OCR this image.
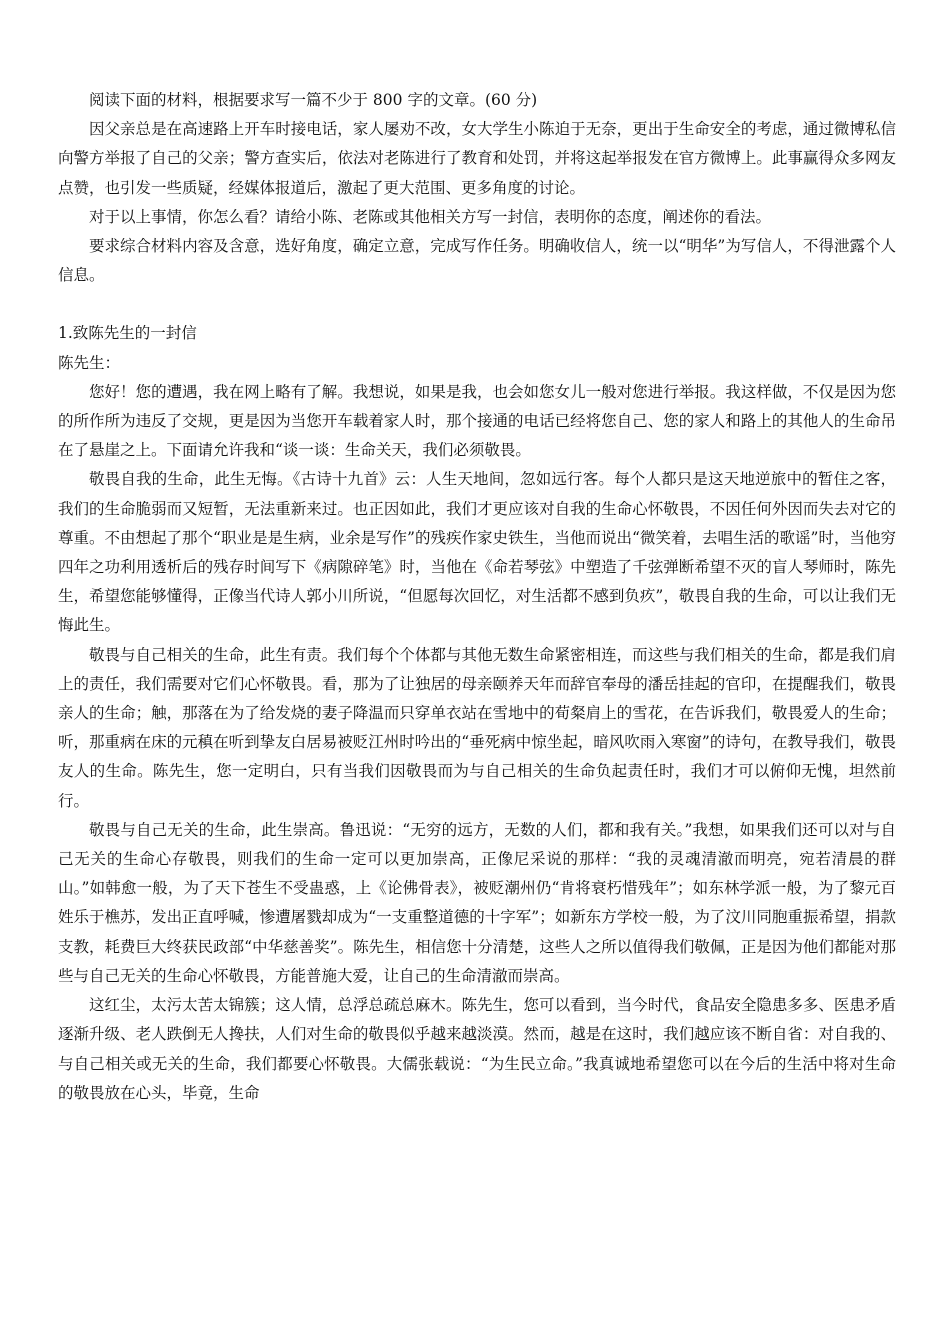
阅读下面的材料，根据要求写一篇不少于 800 字的文章。(60 分)

因父亲总是在高速路上开车时接电话，家人屡劝不改，女大学生小陈迫于无奈，更出于生命安全的考虑，通过微博私信向警方举报了自己的父亲；警方查实后，依法对老陈进行了教育和处罚，并将这起举报发在官方微博上。此事赢得众多网友点赞，也引发一些质疑，经媒体报道后，激起了更大范围、更多角度的讨论。

对于以上事情，你怎么看？请给小陈、老陈或其他相关方写一封信，表明你的态度，阐述你的看法。

要求综合材料内容及含意，选好角度，确定立意，完成写作任务。明确收信人，统一以“明华”为写信人，不得泄露个人信息。

1.致陈先生的一封信

陈先生：

您好！您的遭遇，我在网上略有了解。我想说，如果是我，也会如您女儿一般对您进行举报。我这样做，不仅是因为您的所作所为违反了交规，更是因为当您开车载着家人时，那个接通的电话已经将您自己、您的家人和路上的其他人的生命吊在了悬崖之上。下面请允许我和“谈一谈：生命关天，我们必须敬畏。

敬畏自我的生命，此生无悔。《古诗十九首》云：人生天地间，忽如远行客。每个人都只是这天地逆旅中的暂住之客，我们的生命脆弱而又短暂，无法重新来过。也正因如此，我们才更应该对自我的生命心怀敬畏，不因任何外因而失去对它的尊重。不由想起了那个“职业是是生病，业余是写作”的残疾作家史铁生，当他而说出“微笑着，去唱生活的歌谣”时，当他穷四年之功利用透析后的残存时间写下《病隙碎笔》时，当他在《命若琴弦》中塑造了千弦弹断希望不灭的盲人琴师时，陈先生，希望您能够懂得，正像当代诗人郭小川所说，“但愿每次回忆，对生活都不感到负疚”，敬畏自我的生命，可以让我们无悔此生。

敬畏与自己相关的生命，此生有责。我们每个个体都与其他无数生命紧密相连，而这些与我们相关的生命，都是我们肩上的责任，我们需要对它们心怀敬畏。看，那为了让独居的母亲颐养天年而辞官奉母的潘岳挂起的官印，在提醒我们，敬畏亲人的生命；触，那落在为了给发烧的妻子降温而只穿单衣站在雪地中的荀粲肩上的雪花，在告诉我们，敬畏爱人的生命；听，那重病在床的元稹在听到挚友白居易被贬江州时吟出的“垂死病中惊坐起，暗风吹雨入寒窗”的诗句，在教导我们，敬畏友人的生命。陈先生，您一定明白，只有当我们因敬畏而为与自己相关的生命负起责任时，我们才可以俯仰无愧，坦然前行。

敬畏与自己无关的生命，此生崇高。鲁迅说：“无穷的远方，无数的人们，都和我有关。”我想，如果我们还可以对与自己无关的生命心存敬畏，则我们的生命一定可以更加崇高，正像尼采说的那样：“我的灵魂清澈而明亮，宛若清晨的群山。”如韩愈一般，为了天下苍生不受蛊惑，上《论佛骨表》，被贬潮州仍“肯将衰朽惜残年”；如东林学派一般，为了黎元百姓乐于樵苏，发出正直呼喊，惨遭屠戮却成为“一支重整道德的十字军”；如新东方学校一般，为了汶川同胞重振希望，捐款支教，耗费巨大终获民政部“中华慈善奖”。陈先生，相信您十分清楚，这些人之所以值得我们敬佩，正是因为他们都能对那些与自己无关的生命心怀敬畏，方能普施大爱，让自己的生命清澈而崇高。

这红尘，太污太苦太锦簇；这人情，总浮总疏总麻木。陈先生，您可以看到，当今时代，食品安全隐患多多、医患矛盾逐渐升级、老人跌倒无人搀扶，人们对生命的敬畏似乎越来越淡漠。然而，越是在这时，我们越应该不断自省：对自我的、与自己相关或无关的生命，我们都要心怀敬畏。大儒张载说：“为生民立命。”我真诚地希望您可以在今后的生活中将对生命的敬畏放在心头，毕竟，生命
